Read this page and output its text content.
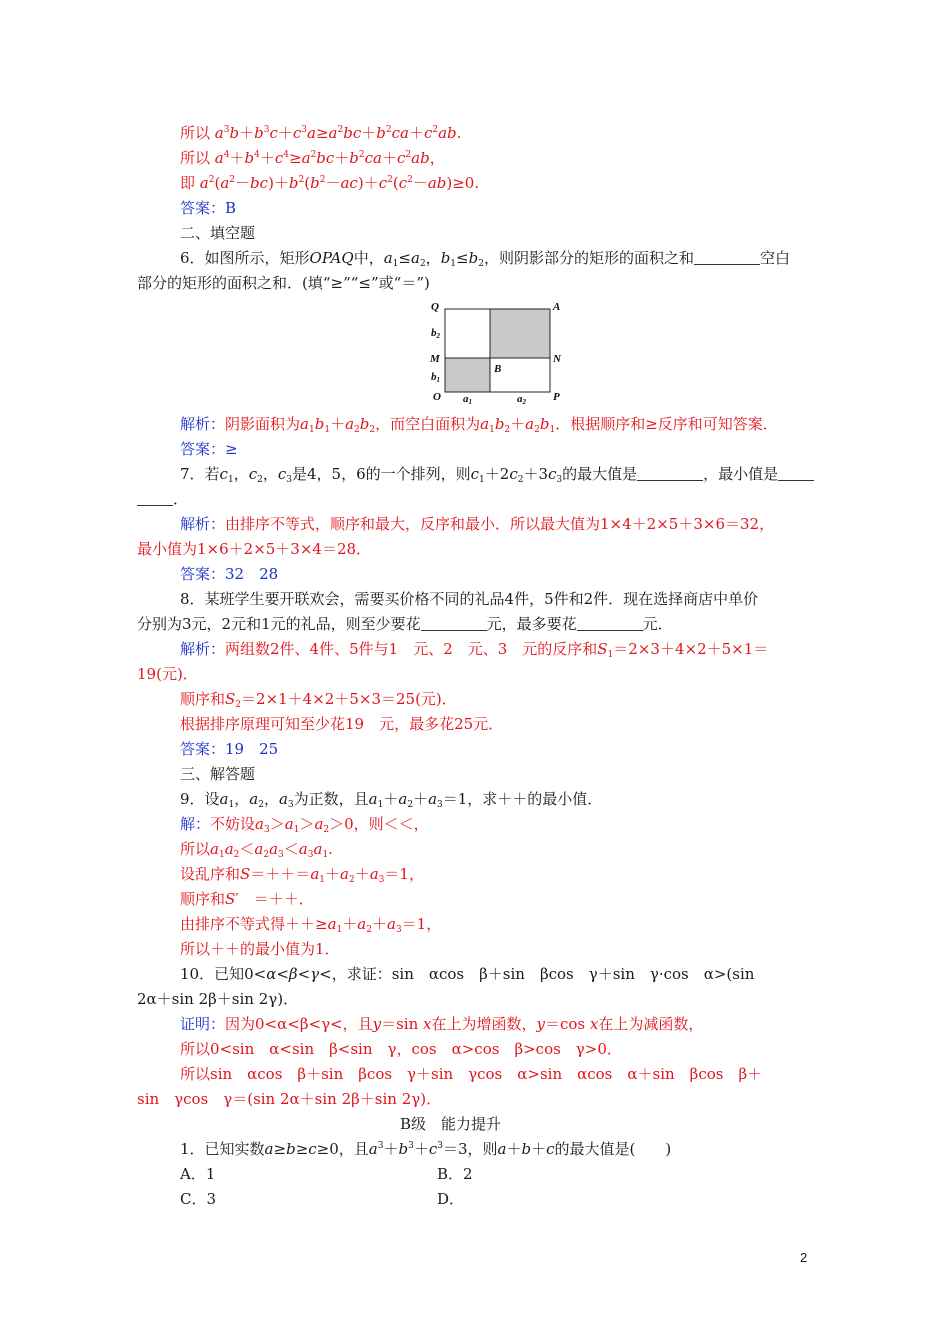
所以 $a^3b+b^3c+c^3a\ge a^2bc+b^2ca+c^2ab$.
所以 $a^4+b^4+c^4\ge a^2bc+b^2ca+c^2ab$，
即 $a^2(a^2-bc)+b^2(b^2-ac)+c^2(c^2-ab)\ge 0$.
答案：B
二、填空题
6．如图所示，矩形OPAQ中，$a_1\le a_2$，$b_1\le b_2$，则阴影部分的矩形的面积之和	空白
部分的矩形的面积之和．(填“≥”“≤”或“＝”)
Q	A
b2
M	N
b1
B
O a1	a2 P
解析：阴影面积为$a_1b_1+a_2b_2$，而空白面积为$a_1b_2+a_2b_1$．根据顺序和≥反序和可知答案．
答案：≥
7．若$c_1$，$c_2$，$c_3$是4，5，6的一个排列，则$c_1+2c_2+3c_3$的最大值是	，最小值是
．
解析：由排序不等式，顺序和最大，反序和最小．所以最大值为1×4＋2×5＋3×6＝32，
最小值为1×6＋2×5＋3×4＝28．
答案：32　28
8．某班学生要开联欢会，需要买价格不同的礼品4件，5件和2件．现在选择商店中单价
分别为3元，2元和1元的礼品，则至少要花	元，最多要花	元．
解析：两组数2件、4件、5件与1　元、2　元、3　元的反序和$S_1=2\times 3+4\times 2+5\times 1=$
19(元)．
顺序和$S_2=2\times 1+4\times 2+5\times 3=25$(元)．
根据排序原理可知至少花19　元，最多花25元．
答案：19　25
三、解答题
9．设$a_1$，$a_2$，$a_3$为正数，且$a_1+a_2+a_3=1$，求＋＋的最小值．
解：不妨设$a_3>a_1>a_2>0$，则＜＜，
所以$a_1a_2<a_2a_3<a_3a_1$.
设乱序和$S=++=a_1+a_2+a_3=1$，
顺序和S′　＝＋＋．
由排序不等式得$++\ge a_1+a_2+a_3=1$，
所以＋＋的最小值为1．
10．已知0<α<β<γ<，求证：sin　αcos　β＋sin　βcos　γ＋sin　γ·cos　α>(sin
2α＋sin 2β＋sin 2γ)．
证明：因为0<α<β<γ<，且y＝sin x在上为增函数，y＝cos x在上为减函数，
所以0<sin　α<sin　β<sin　γ，cos　α>cos　β>cos　γ>0．
所以sin　αcos　β＋sin　βcos　γ＋sin　γcos　α>sin　αcos　α＋sin　βcos　β＋
sin　γcos　γ＝(sin 2α＋sin 2β＋sin 2γ)．
B级　能力提升
1．已知实数a≥b≥c≥0，且$a^3+b^3+c^3=3$，则a＋b＋c的最大值是(　　)
A．1	B．2
C．3	D．
2
